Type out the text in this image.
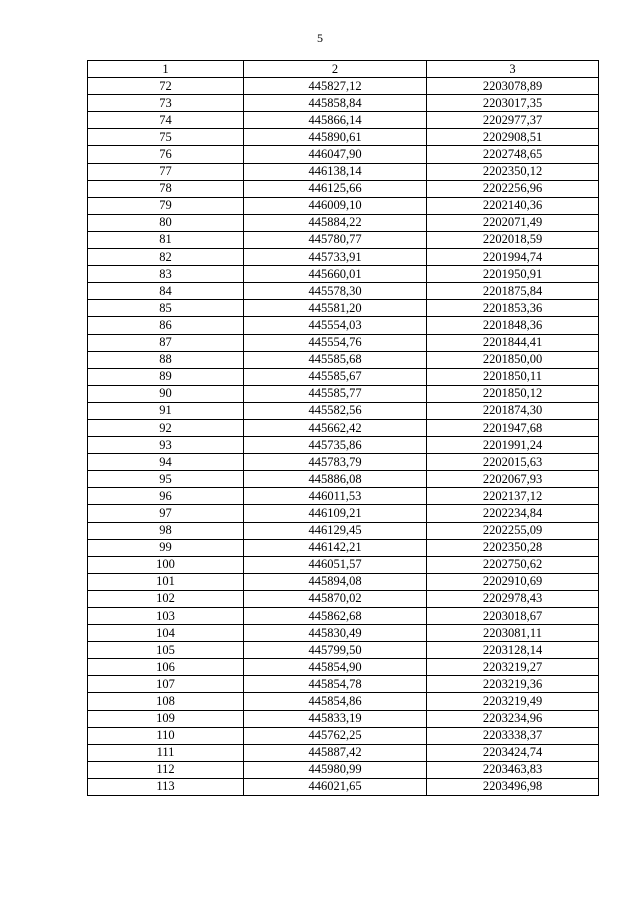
5
1	2	3
72	445827,12	2203078,89
73	445858,84	2203017,35
74	445866,14	2202977,37
75	445890,61	2202908,51
76	446047,90	2202748,65
77	446138,14	2202350,12
78	446125,66	2202256,96
79	446009,10	2202140,36
80	445884,22	2202071,49
81	445780,77	2202018,59
82	445733,91	2201994,74
83	445660,01	2201950,91
84	445578,30	2201875,84
85	445581,20	2201853,36
86	445554,03	2201848,36
87	445554,76	2201844,41
88	445585,68	2201850,00
89	445585,67	2201850,11
90	445585,77	2201850,12
91	445582,56	2201874,30
92	445662,42	2201947,68
93	445735,86	2201991,24
94	445783,79	2202015,63
95	445886,08	2202067,93
96	446011,53	2202137,12
97	446109,21	2202234,84
98	446129,45	2202255,09
99	446142,21	2202350,28
100	446051,57	2202750,62
101	445894,08	2202910,69
102	445870,02	2202978,43
103	445862,68	2203018,67
104	445830,49	2203081,11
105	445799,50	2203128,14
106	445854,90	2203219,27
107	445854,78	2203219,36
108	445854,86	2203219,49
109	445833,19	2203234,96
110	445762,25	2203338,37
111	445887,42	2203424,74
112	445980,99	2203463,83
113	446021,65	2203496,98
